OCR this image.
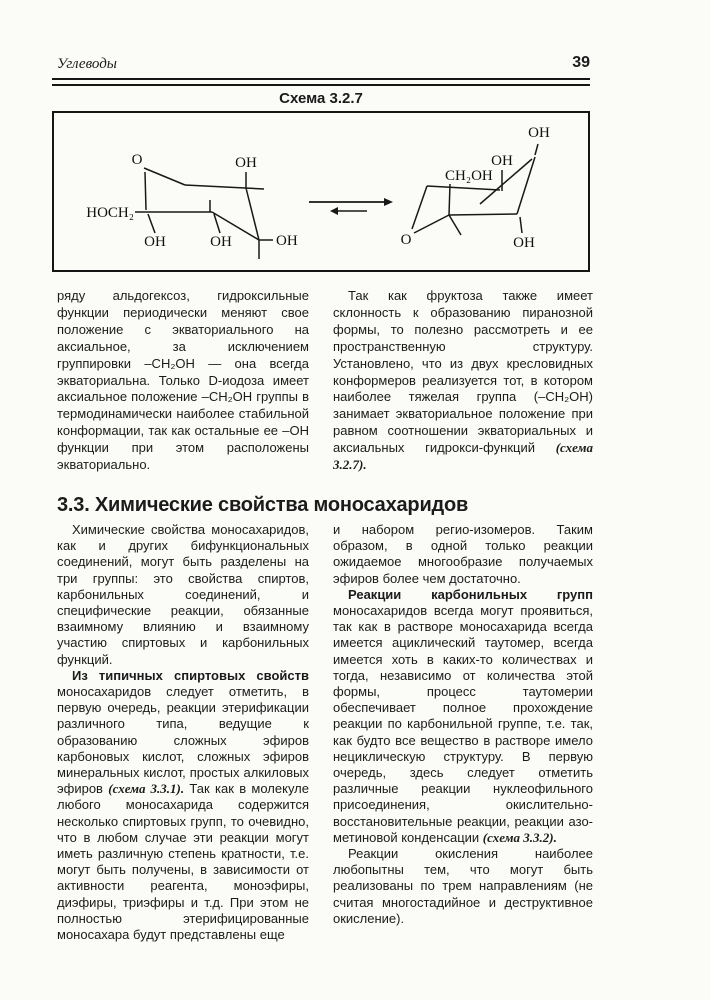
Углеводы	39
Схема 3.2.7
O	OH
HOCH₂
OH	OH	OH
OH
OH
CH₂OH
O	OH

ряду альдогексоз, гидроксильные функции периодически меняют свое положение с экваториального на аксиальное, за исключением группировки –CH₂OH — она всегда экваториальна. Только D-иодоза имеет аксиальное положение –CH₂OH группы в термодинамически наиболее стабильной конформации, так как остальные ее –OH функции при этом расположены экваториально.

Так как фруктоза также имеет склонность к образованию пиранозной формы, то полезно рассмотреть и ее пространственную структуру. Установлено, что из двух кресловидных конформеров реализуется тот, в котором наиболее тяжелая группа (–CH₂OH) занимает экваториальное положение при равном соотношении экваториальных и аксиальных гидрокси-функций (схема 3.2.7).

3.3. Химические свойства моносахаридов

Химические свойства моносахаридов, как и других бифункциональных соединений, могут быть разделены на три группы: это свойства спиртов, карбонильных соединений, и специфические реакции, обязанные взаимному влиянию и взаимному участию спиртовых и карбонильных функций.

Из типичных спиртовых свойств моносахаридов следует отметить, в первую очередь, реакции этерификации различного типа, ведущие к образованию сложных эфиров карбоновых кислот, сложных эфиров минеральных кислот, простых алкиловых эфиров (схема 3.3.1). Так как в молекуле любого моносахарида содержится несколько спиртовых групп, то очевидно, что в любом случае эти реакции могут иметь различную степень кратности, т.е. могут быть получены, в зависимости от активности реагента, моноэфиры, диэфиры, триэфиры и т.д. При этом не полностью этерифицированные моносахара будут представлены еще

и набором регио-изомеров. Таким образом, в одной только реакции ожидаемое многообразие получаемых эфиров более чем достаточно.

Реакции карбонильных групп моносахаридов всегда могут проявиться, так как в растворе моносахарида всегда имеется ациклический таутомер, всегда имеется хоть в каких-то количествах и тогда, независимо от количества этой формы, процесс таутомерии обеспечивает полное прохождение реакции по карбонильной группе, т.е. так, как будто все вещество в растворе имело нециклическую структуру. В первую очередь, здесь следует отметить различные реакции нуклеофильного присоединения, окислительно-восстановительные реакции, реакции азо-метиновой конденсации (схема 3.3.2).

Реакции окисления наиболее любопытны тем, что могут быть реализованы по трем направлениям (не считая многостадийное и деструктивное окисление).
